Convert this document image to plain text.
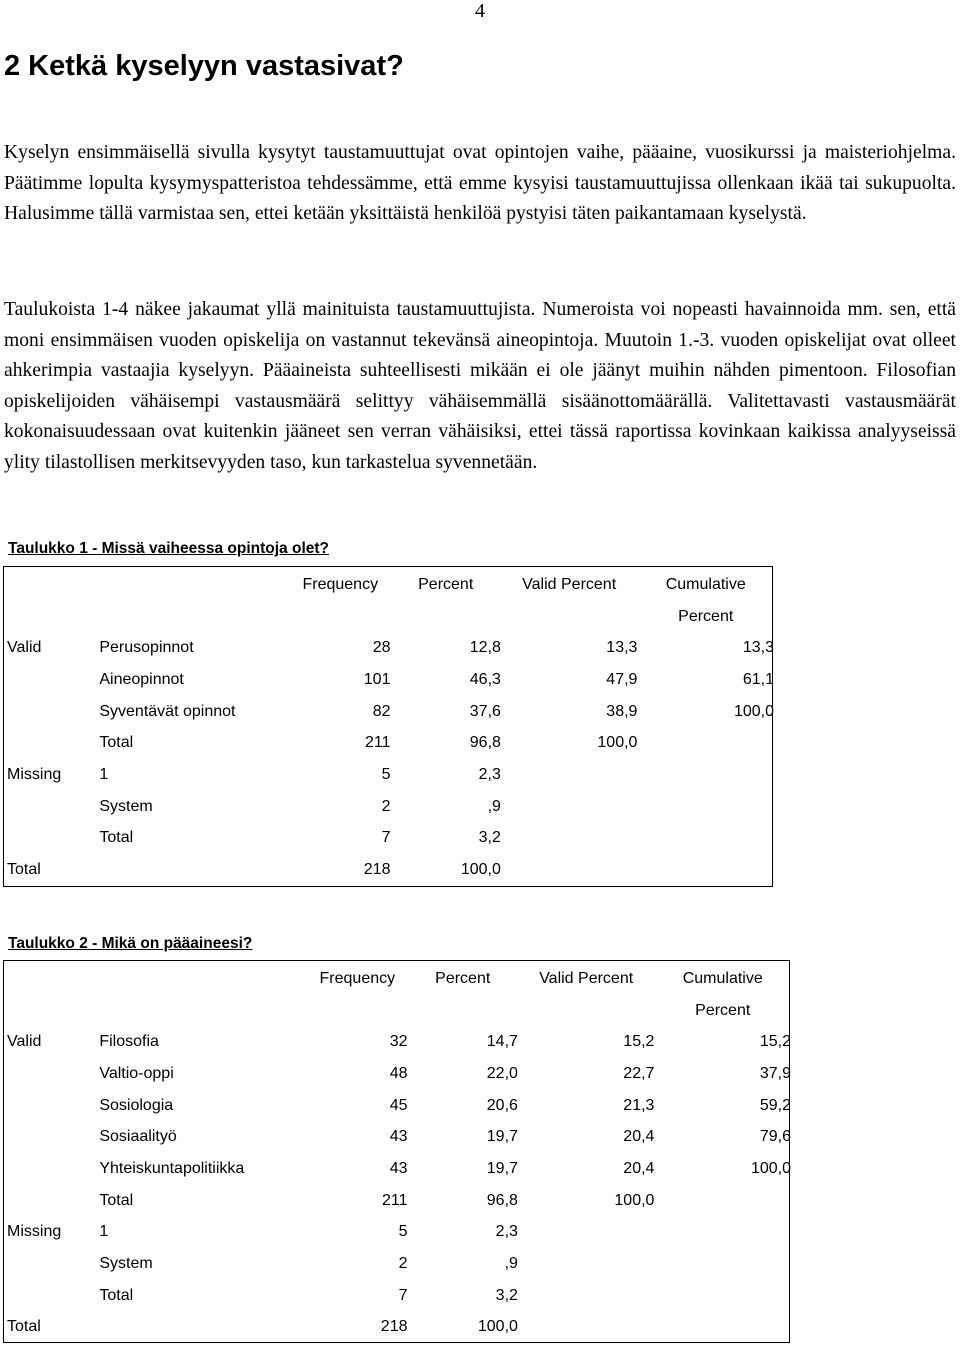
4
2 Ketkä kyselyyn vastasivat?

Kyselyn ensimmäisellä sivulla kysytyt taustamuuttujat ovat opintojen vaihe, pääaine, vuosikurssi ja maisteriohjelma. Päätimme lopulta kysymyspatteristoa tehdessämme, että emme kysyisi taustamuuttujissa ollenkaan ikää tai sukupuolta. Halusimme tällä varmistaa sen, ettei ketään yksittäistä henkilöä pystyisi täten paikantamaan kyselystä.

Taulukoista 1-4 näkee jakaumat yllä mainituista taustamuuttujista. Numeroista voi nopeasti havainnoida mm. sen, että moni ensimmäisen vuoden opiskelija on vastannut tekevänsä aineopintoja. Muutoin 1.-3. vuoden opiskelijat ovat olleet ahkerimpia vastaajia kyselyyn. Pääaineista suhteellisesti mikään ei ole jäänyt muihin nähden pimentoon. Filosofian opiskelijoiden vähäisempi vastausmäärä selittyy vähäisemmällä sisäänottomäärällä. Valitettavasti vastausmäärät kokonaisuudessaan ovat kuitenkin jääneet sen verran vähäisiksi, ettei tässä raportissa kovinkaan kaikissa analyyseissä ylity tilastollisen merkitsevyyden taso, kun tarkastelua syvennetään.

Taulukko 1 - Missä vaiheessa opintoja olet?

		Frequency	Percent	Valid Percent	Cumulative
					Percent
Valid	Perusopinnot	28	12,8	13,3	13,3
	Aineopinnot	101	46,3	47,9	61,1
	Syventävät opinnot	82	37,6	38,9	100,0
	Total	211	96,8	100,0	
Missing	1	5	2,3		
	System	2	,9		
	Total	7	3,2		
Total		218	100,0		

Taulukko 2 - Mikä on pääaineesi?

		Frequency	Percent	Valid Percent	Cumulative
					Percent
Valid	Filosofia	32	14,7	15,2	15,2
	Valtio-oppi	48	22,0	22,7	37,9
	Sosiologia	45	20,6	21,3	59,2
	Sosiaalityö	43	19,7	20,4	79,6
	Yhteiskuntapolitiikka	43	19,7	20,4	100,0
	Total	211	96,8	100,0	
Missing	1	5	2,3		
	System	2	,9		
	Total	7	3,2		
Total		218	100,0		
